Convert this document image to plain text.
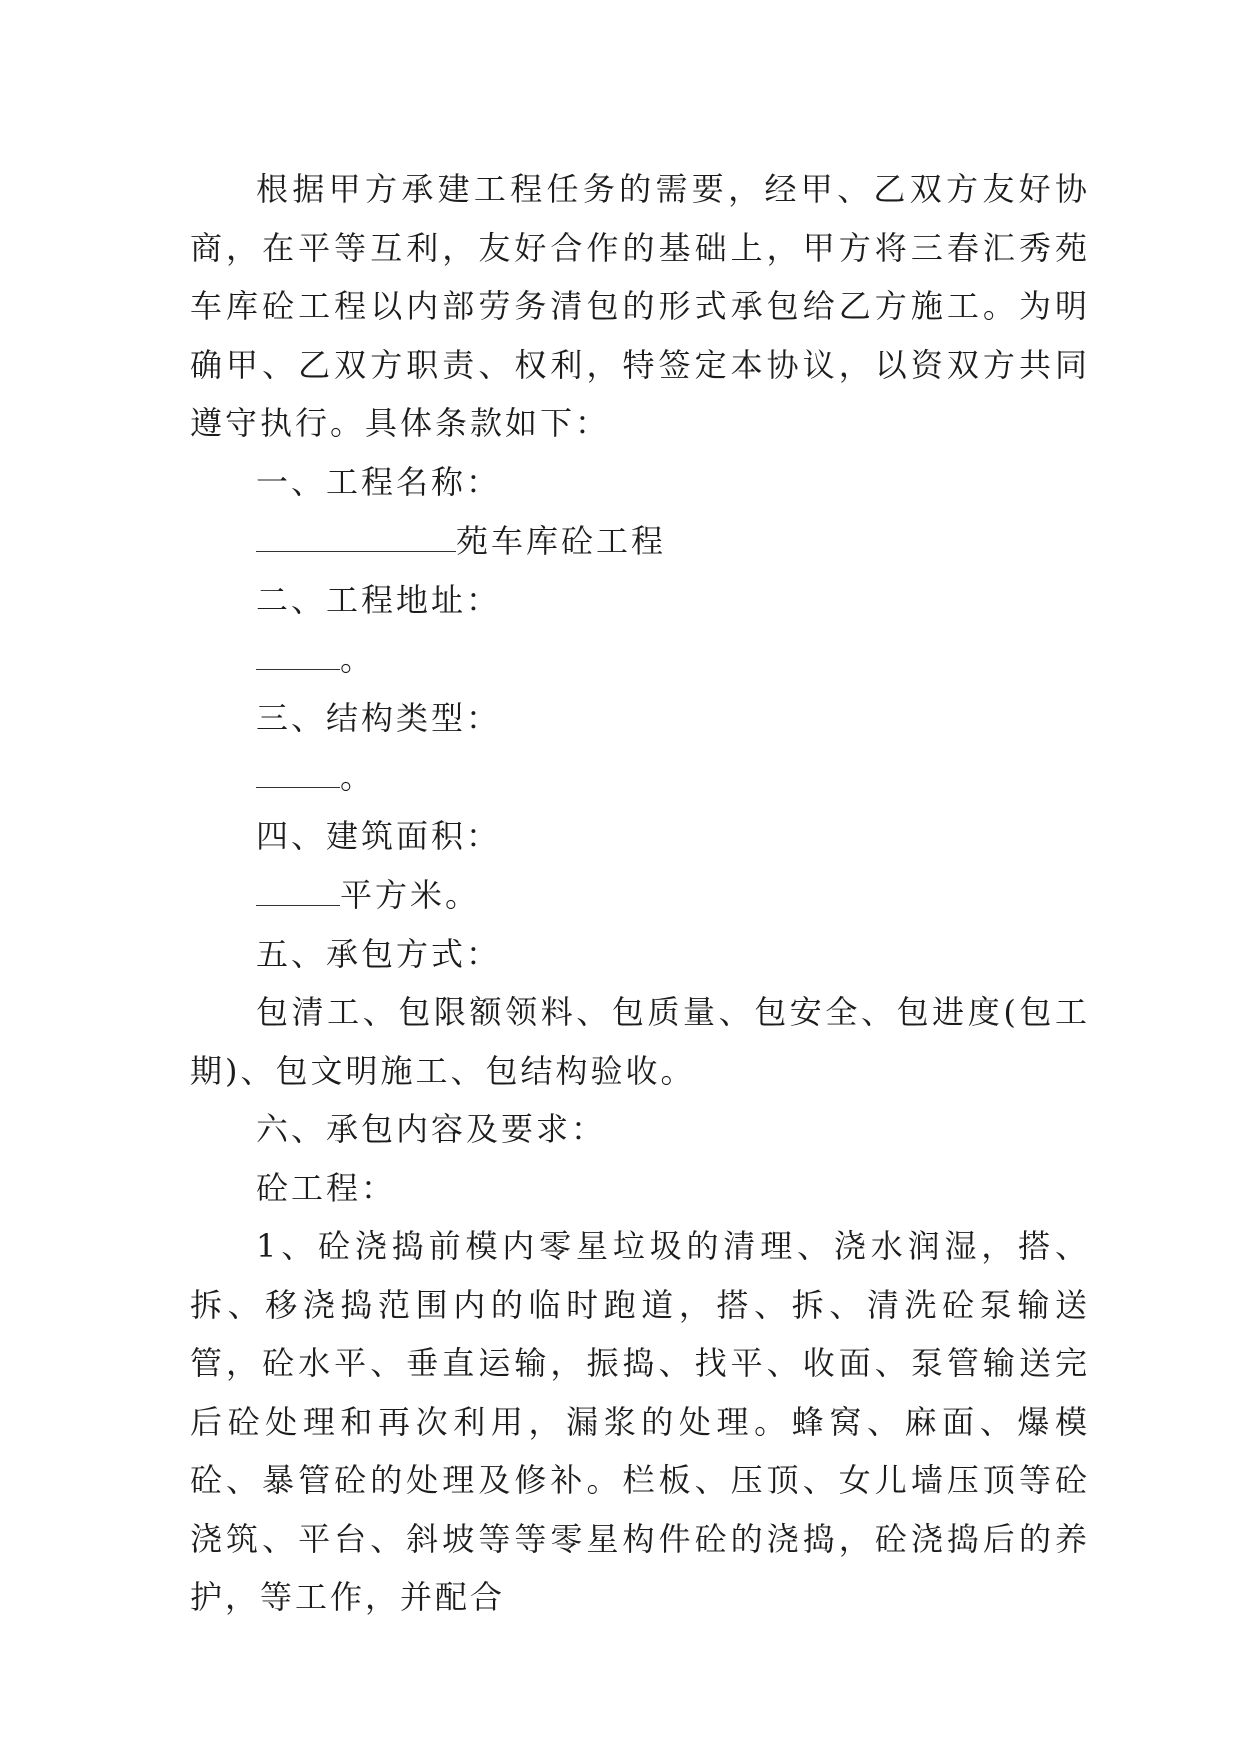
根据甲方承建工程任务的需要，经甲、乙双方友好协商，在平等互利，友好合作的基础上，甲方将三春汇秀苑车库砼工程以内部劳务清包的形式承包给乙方施工。为明确甲、乙双方职责、权利，特签定本协议，以资双方共同遵守执行。具体条款如下：

一、工程名称：

苑车库砼工程

二、工程地址：

。

三、结构类型：

。

四、建筑面积：

平方米。

五、承包方式：

包清工、包限额领料、包质量、包安全、包进度(包工期)、包文明施工、包结构验收。

六、承包内容及要求：

砼工程：

1、砼浇捣前模内零星垃圾的清理、浇水润湿，搭、拆、移浇捣范围内的临时跑道，搭、拆、清洗砼泵输送管，砼水平、垂直运输，振捣、找平、收面、泵管输送完后砼处理和再次利用，漏浆的处理。蜂窝、麻面、爆模砼、暴管砼的处理及修补。栏板、压顶、女儿墙压顶等砼浇筑、平台、斜坡等等零星构件砼的浇捣，砼浇捣后的养护，等工作，并配合
